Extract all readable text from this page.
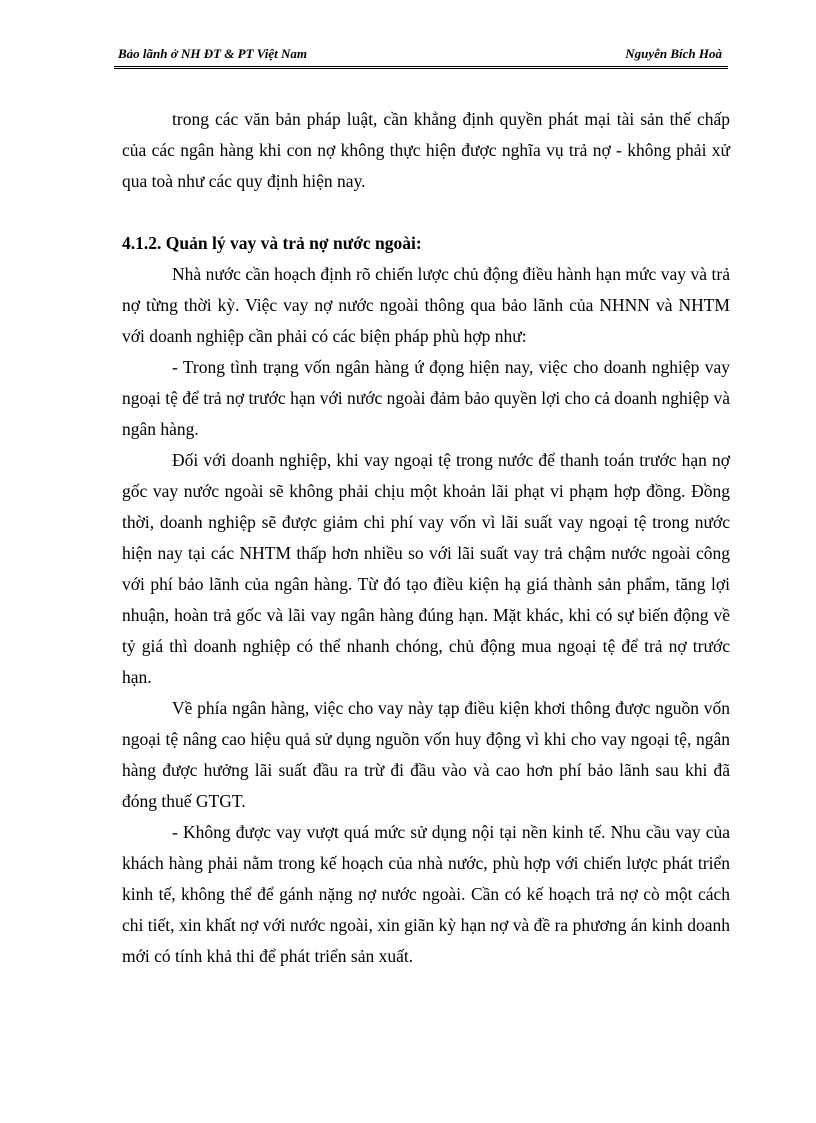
Bảo lãnh ở NH ĐT & PT Việt Nam	Nguyễn Bích Hoà

trong các văn bản pháp luật, cần khẳng định quyền phát mại tài sản thế chấp của các ngân hàng khi con nợ không thực hiện được nghĩa vụ trả nợ - không phải xử qua toà như các quy định hiện nay.

4.1.2. Quản lý vay và trả nợ nước ngoài:

Nhà nước cần hoạch định rõ chiến lược chủ động điều hành hạn mức vay và trả nợ từng thời kỳ. Việc vay nợ nước ngoài thông qua bảo lãnh của NHNN và NHTM với doanh nghiệp cần phải có các biện pháp phù hợp như:

- Trong tình trạng vốn ngân hàng ứ đọng hiện nay, việc cho doanh nghiệp vay ngoại tệ để trả nợ trước hạn với nước ngoài đảm bảo quyền lợi cho cả doanh nghiệp và ngân hàng.

Đối với doanh nghiệp, khi vay ngoại tệ trong nước để thanh toán trước hạn nợ gốc vay nước ngoài sẽ không phải chịu một khoản lãi phạt vi phạm hợp đồng. Đồng thời, doanh nghiệp sẽ được giảm chi phí vay vốn vì lãi suất vay ngoại tệ trong nước hiện nay tại các NHTM thấp hơn nhiều so với lãi suất vay trả chậm nước ngoài công với phí bảo lãnh của ngân hàng. Từ đó tạo điều kiện hạ giá thành sản phẩm, tăng lợi nhuận, hoàn trả gốc và lãi vay ngân hàng đúng hạn. Mặt khác, khi có sự biến động về tỷ giá thì doanh nghiệp có thể nhanh chóng, chủ động mua ngoại tệ để trả nợ trước hạn.

Về phía ngân hàng, việc cho vay này tạp điều kiện khơi thông được nguồn vốn ngoại tệ nâng cao hiệu quả sử dụng nguồn vốn huy động vì khi cho vay ngoại tệ, ngân hàng được hưởng lãi suất đầu ra trừ đi đầu vào và cao hơn phí bảo lãnh sau khi đã đóng thuế GTGT.

- Không được vay vượt quá mức sử dụng nội tại nền kinh tế. Nhu cầu vay của khách hàng phải nằm trong kế hoạch của nhà nước, phù hợp với chiến lược phát triển kinh tế, không thể để gánh nặng nợ nước ngoài. Cần có kế hoạch trả nợ cò một cách chi tiết, xin khất nợ với nước ngoài, xin giãn kỳ hạn nợ và đề ra phương án kinh doanh mới có tính khả thi để phát triển sản xuất.
